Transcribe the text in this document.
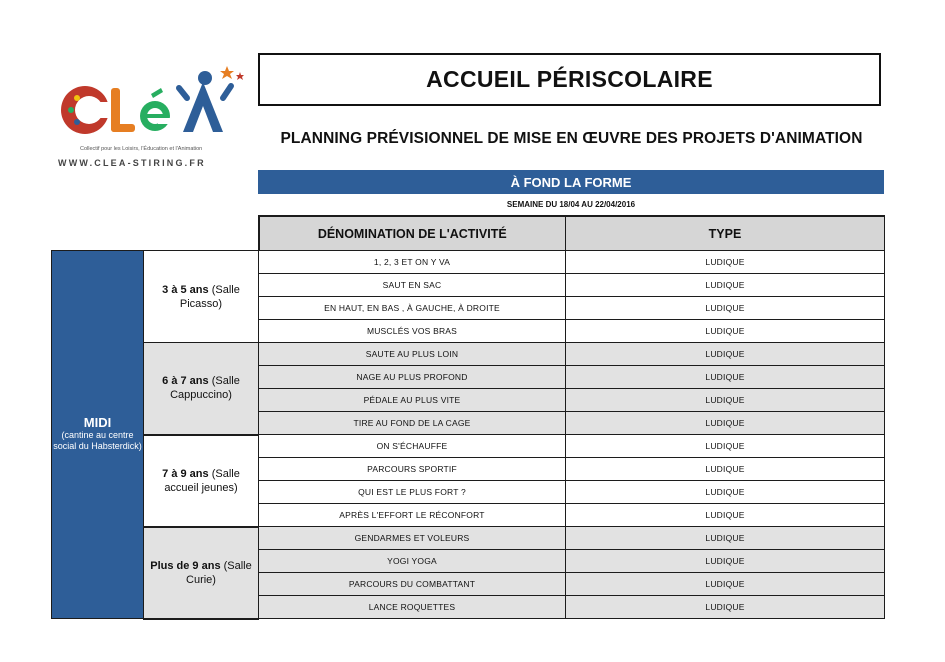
Collectif pour les Loisirs, l'Éducation et l'Animation
WWW.CLEA-STIRING.FR
ACCUEIL PÉRISCOLAIRE
PLANNING PRÉVISIONNEL DE MISE EN ŒUVRE DES PROJETS D'ANIMATION
À FOND LA FORME
SEMAINE DU 18/04 AU 22/04/2016
		DÉNOMINATION DE L'ACTIVITÉ	TYPE

MIDI
(cantine au centre social du Habsterdick)	3 à 5 ans (Salle Picasso)	1, 2, 3 ET ON Y VA	LUDIQUE
		SAUT EN SAC	LUDIQUE
		EN HAUT, EN BAS , À GAUCHE, À DROITE	LUDIQUE
		MUSCLÉS VOS BRAS	LUDIQUE
	6 à 7 ans (Salle Cappuccino)	SAUTE AU PLUS LOIN	LUDIQUE
		NAGE AU PLUS PROFOND	LUDIQUE
		PÉDALE AU PLUS VITE	LUDIQUE
		TIRE AU FOND DE LA CAGE	LUDIQUE
	7 à 9 ans (Salle accueil jeunes)	ON S'ÉCHAUFFE	LUDIQUE
		PARCOURS SPORTIF	LUDIQUE
		QUI EST LE PLUS FORT ?	LUDIQUE
		APRÈS L'EFFORT LE RÉCONFORT	LUDIQUE
	Plus de 9 ans (Salle Curie)	GENDARMES ET VOLEURS	LUDIQUE
		YOGI YOGA	LUDIQUE
		PARCOURS DU COMBATTANT	LUDIQUE
		LANCE ROQUETTES	LUDIQUE
